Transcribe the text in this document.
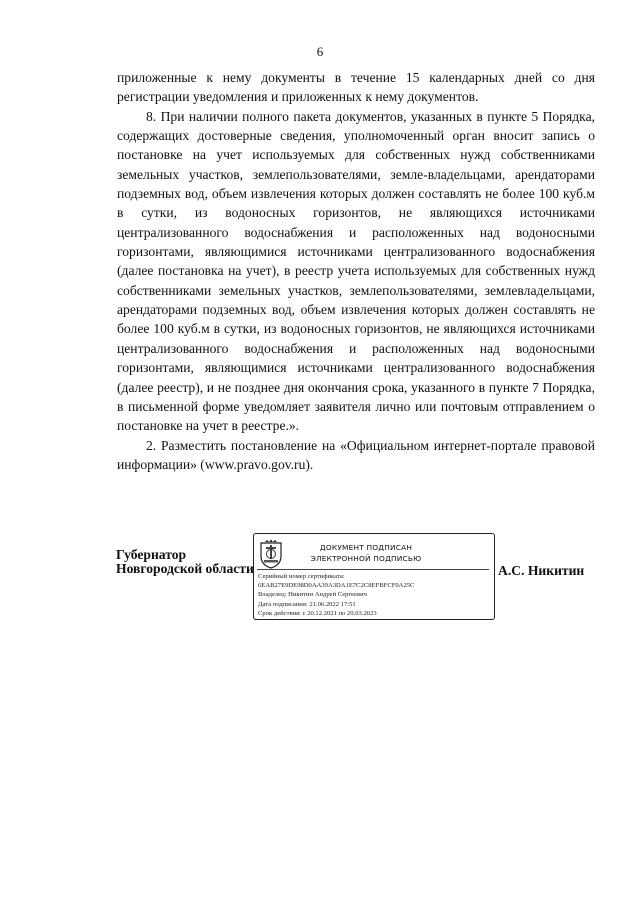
6

приложенные к нему документы в течение 15 календарных дней со дня регистрации уведомления и приложенных к нему документов.

8. При наличии полного пакета документов, указанных в пункте 5 Порядка, содержащих достоверные сведения, уполномоченный орган вносит запись о постановке на учет используемых для собственных нужд собственниками земельных участков, землепользователями, земле-владельцами, арендаторами подземных вод, объем извлечения которых должен составлять не более 100 куб.м в сутки, из водоносных горизонтов, не являющихся источниками централизованного водоснабжения и расположенных над водоносными горизонтами, являющимися источниками централизованного водоснабжения (далее постановка на учет), в реестр учета используемых для собственных нужд собственниками земельных участков, землепользователями, землевладельцами, арендаторами подземных вод, объем извлечения которых должен составлять не более 100 куб.м в сутки, из водоносных горизонтов, не являющихся источниками централизованного водоснабжения и расположенных над водоносными горизонтами, являющимися источниками централизованного водоснабжения (далее реестр), и не позднее дня окончания срока, указанного в пункте 7 Порядка, в письменной форме уведомляет заявителя лично или почтовым отправлением о постановке на учет в реестре.».

2. Разместить постановление на «Официальном интернет-портале правовой информации» (www.pravo.gov.ru).

Губернатор
Новгородской области
ДОКУМЕНТ ПОДПИСАН
ЭЛЕКТРОННОЙ ПОДПИСЬЮ
Серийный номер сертификата:
6EAB27E9DE98D0AA39A3DA1E7C2C8EFBFCF0A25C
Владелец: Никитин Андрей Сергеевич
Дата подписания: 21.06.2022 17:51
Срок действия: с 20.12.2021 по 20.03.2023
А.С. Никитин
